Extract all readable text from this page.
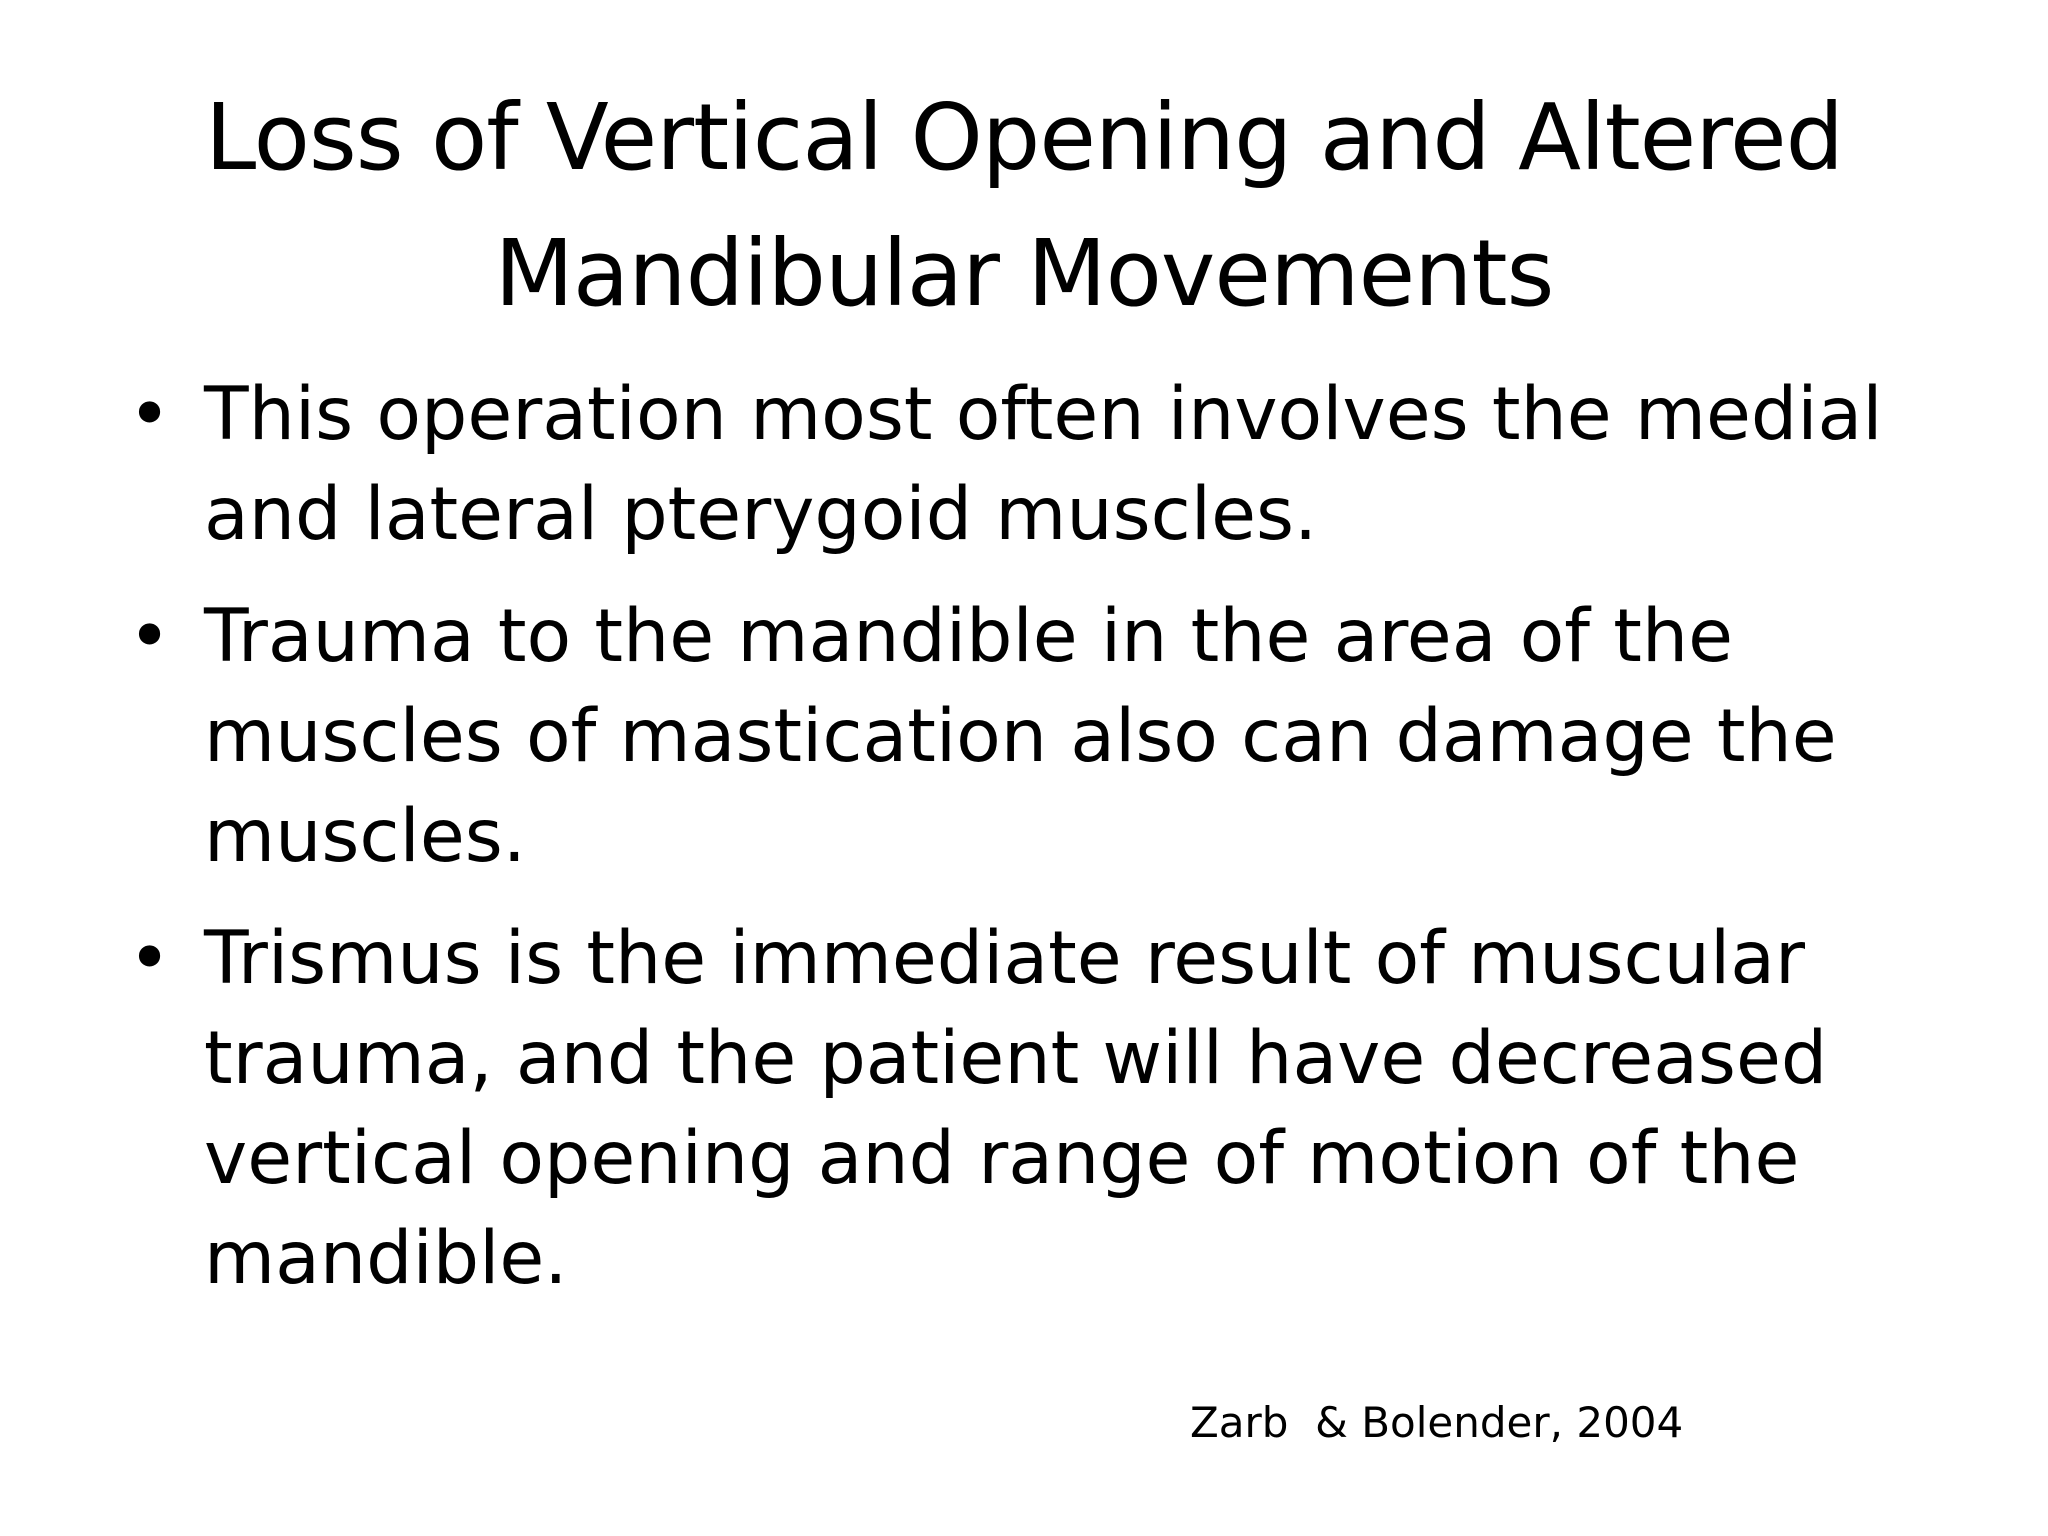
Loss of Vertical Opening and Altered
Mandibular Movements
• This operation most often involves the medial
and lateral pterygoid muscles.
• Trauma to the mandible in the area of the
muscles of mastication also can damage the
muscles.
• Trismus is the immediate result of muscular
trauma, and the patient will have decreased
vertical opening and range of motion of the
mandible.

Zarb  & Bolender, 2004
